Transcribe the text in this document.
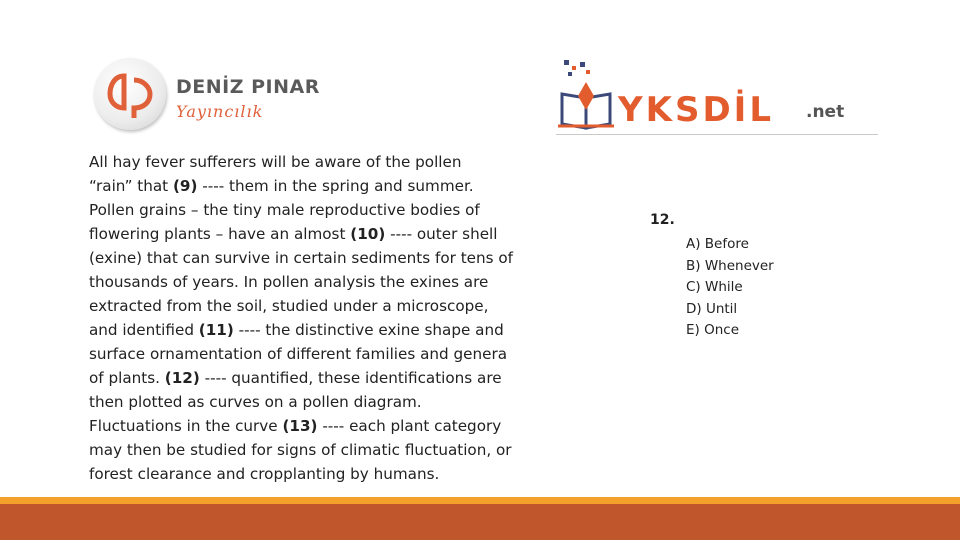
DENİZ PINAR
Yayıncılık	YKSDİL .net
All hay fever sufferers will be aware of the pollen
“rain” that (9) ---- them in the spring and summer.
Pollen grains – the tiny male reproductive bodies of
flowering plants – have an almost (10) ---- outer shell
(exine) that can survive in certain sediments for tens of
thousands of years. In pollen analysis the exines are
extracted from the soil, studied under a microscope,
and identified (11) ---- the distinctive exine shape and
surface ornamentation of different families and genera
of plants. (12) ---- quantified, these identifications are
then plotted as curves on a pollen diagram.
Fluctuations in the curve (13) ---- each plant category
may then be studied for signs of climatic fluctuation, or
forest clearance and cropplanting by humans.
12.
A) Before
B) Whenever
C) While
D) Until
E) Once
